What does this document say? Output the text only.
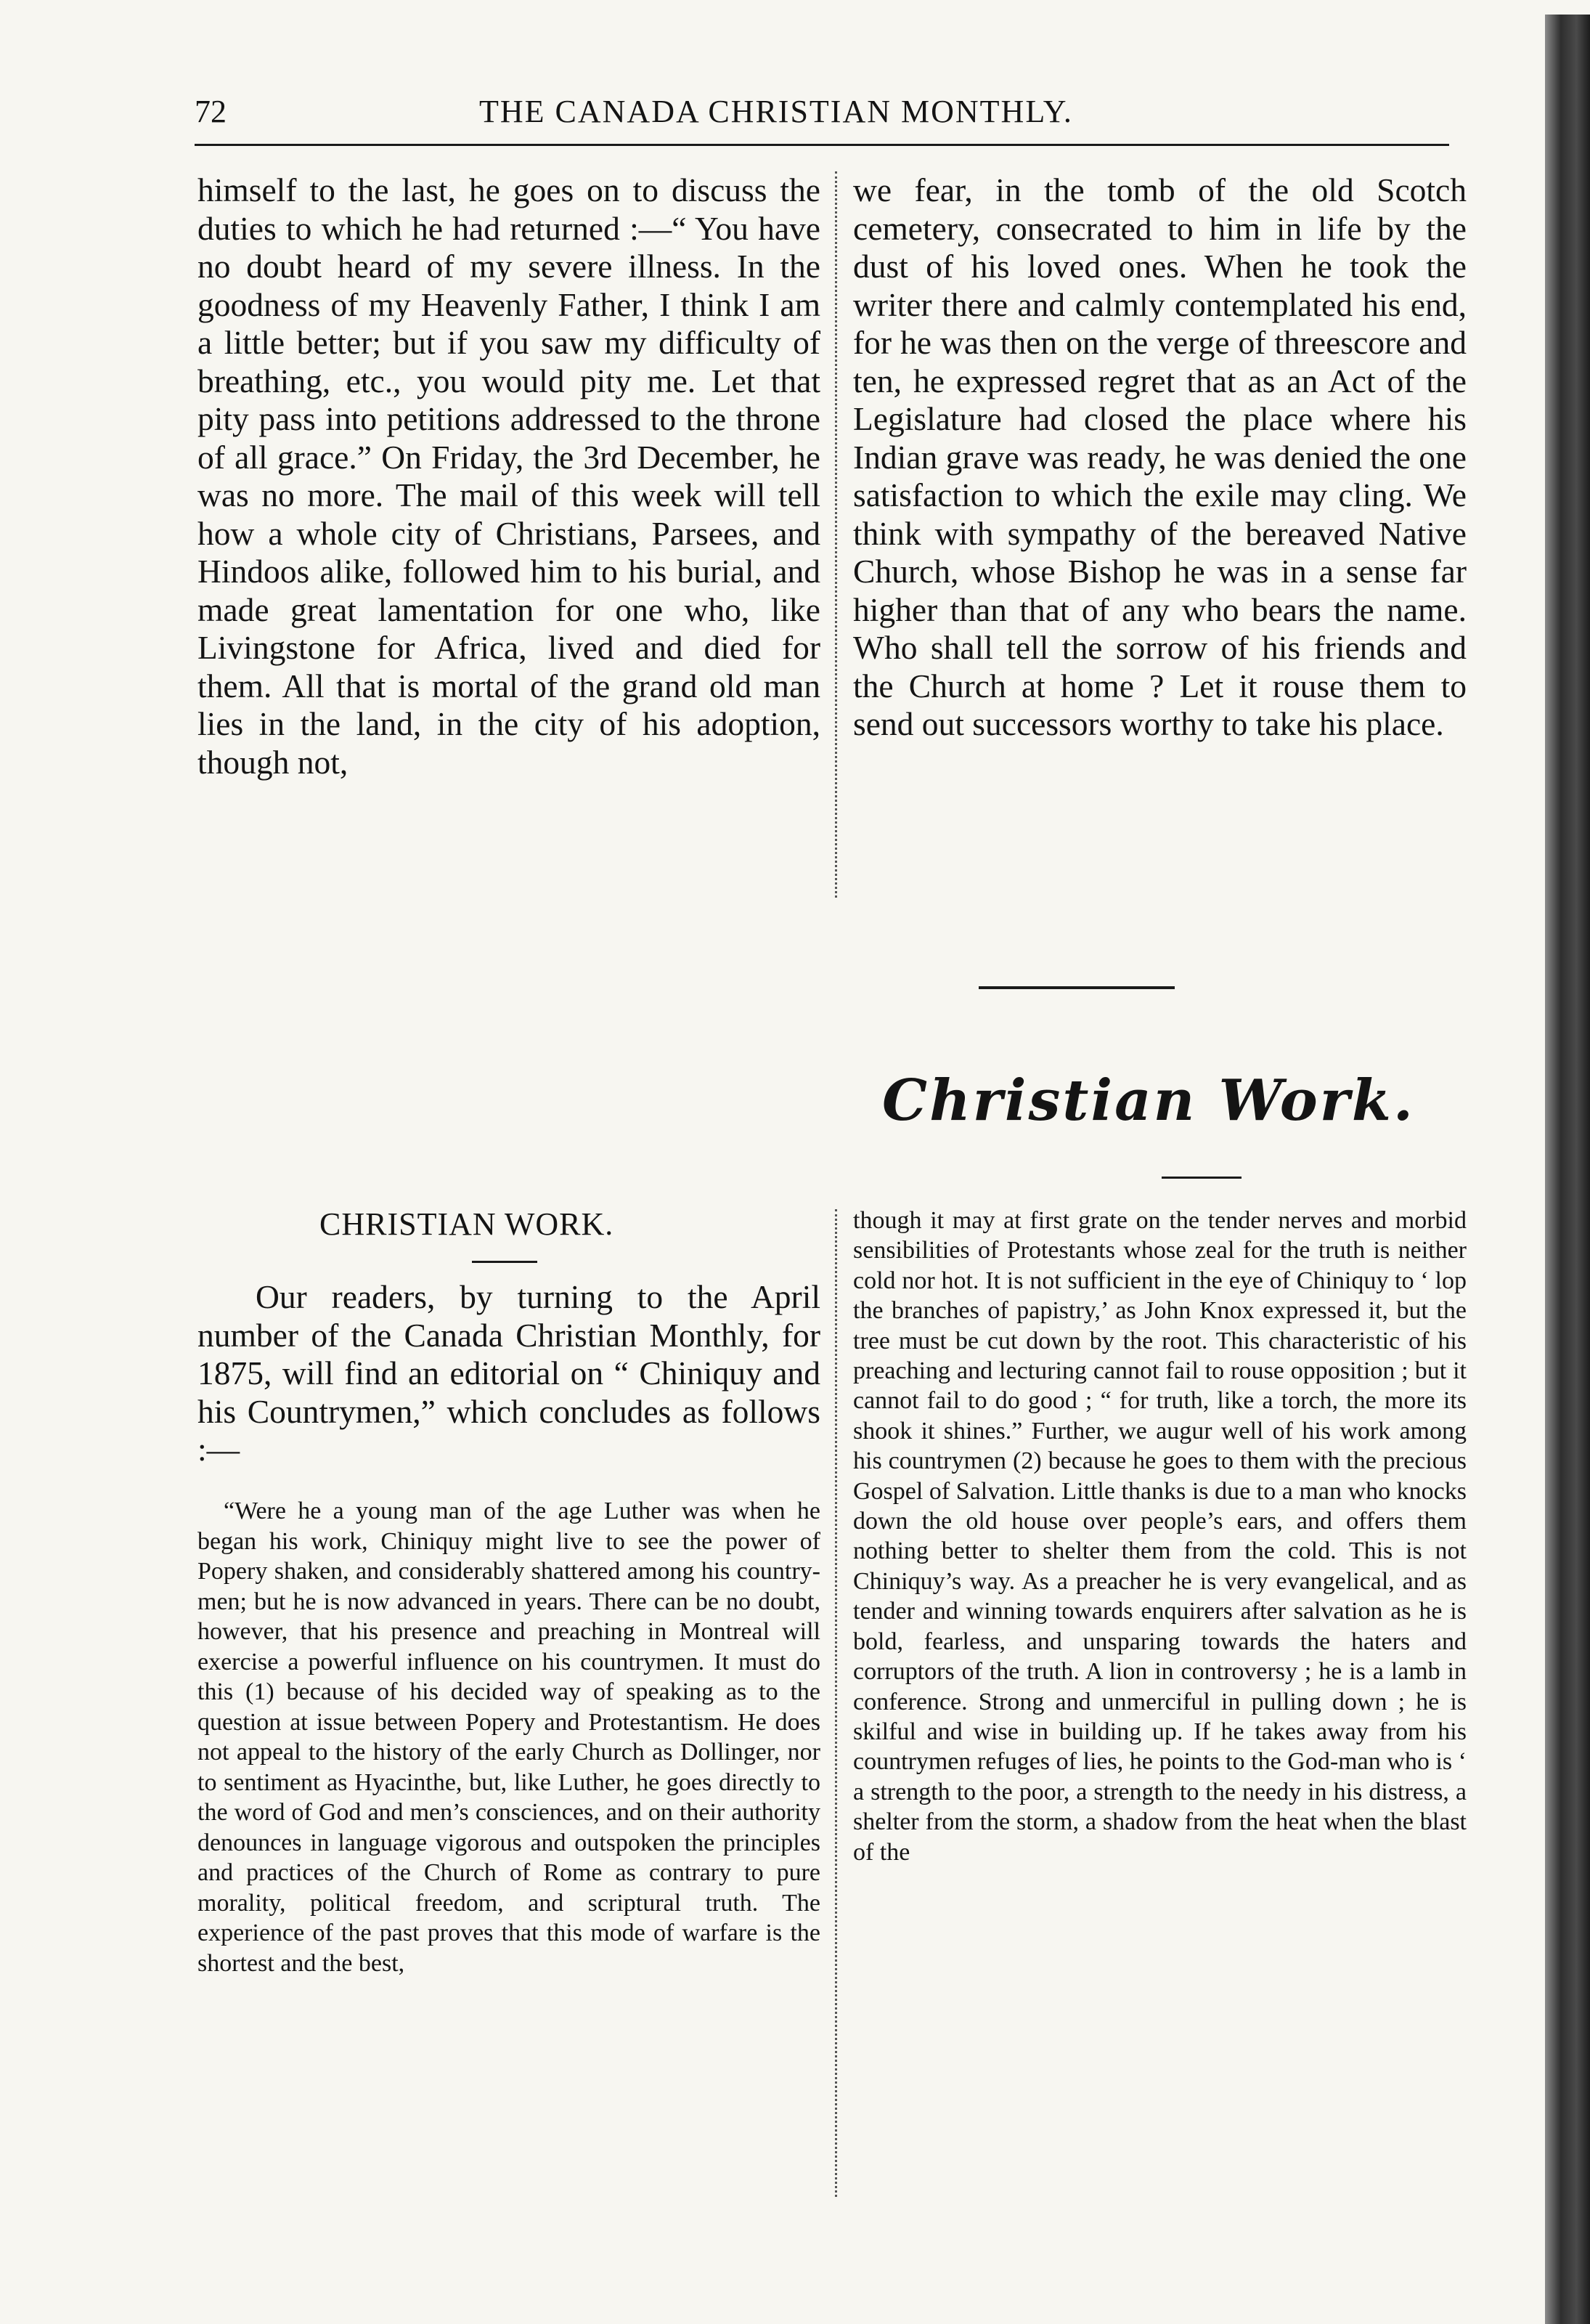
72	THE CANADA CHRISTIAN MONTHLY.
himself to the last, he goes on to discuss the duties to which he had returned :—“ You have no doubt heard of my severe illness. In the goodness of my Heavenly Father, I think I am a little better; but if you saw my difficulty of breathing, etc., you would pity me. Let that pity pass into petitions addressed to the throne of all grace.” On Friday, the 3rd December, he was no more. The mail of this week will tell how a whole city of Christians, Parsees, and Hindoos alike, followed him to his burial, and made great lamentation for one who, like Livingstone for Africa, lived and died for them. All that is mortal of the grand old man lies in the land, in the city of his adoption, though not,
we fear, in the tomb of the old Scotch cemetery, consecrated to him in life by the dust of his loved ones. When he took the writer there and calmly contemplated his end, for he was then on the verge of threescore and ten, he expressed regret that as an Act of the Legislature had closed the place where his Indian grave was ready, he was denied the one satisfaction to which the exile may cling. We think with sympathy of the bereaved Native Church, whose Bishop he was in a sense far higher than that of any who bears the name. Who shall tell the sorrow of his friends and the Church at home ? Let it rouse them to send out successors worthy to take his place.
Christian Work.
CHRISTIAN WORK.
Our readers, by turning to the April number of the Canada Christian Monthly, for 1875, will find an editorial on “ Chiniquy and his Countrymen,” which concludes as follows :—
“Were he a young man of the age Luther was when he began his work, Chiniquy might live to see the power of Popery shaken, and considerably shattered among his countrymen; but he is now advanced in years. There can be no doubt, however, that his presence and preaching in Montreal will exercise a powerful influence on his countrymen. It must do this (1) because of his decided way of speaking as to the question at issue between Popery and Protestantism. He does not appeal to the history of the early Church as Dollinger, nor to sentiment as Hyacinthe, but, like Luther, he goes directly to the word of God and men’s consciences, and on their authority denounces in language vigorous and outspoken the principles and practices of the Church of Rome as contrary to pure morality, political freedom, and scriptural truth. The experience of the past proves that this mode of warfare is the shortest and the best,
though it may at first grate on the tender nerves and morbid sensibilities of Protestants whose zeal for the truth is neither cold nor hot. It is not sufficient in the eye of Chiniquy to ‘ lop the branches of papistry,’ as John Knox expressed it, but the tree must be cut down by the root. This characteristic of his preaching and lecturing cannot fail to rouse opposition ; but it cannot fail to do good ; “ for truth, like a torch, the more its shook it shines.” Further, we augur well of his work among his countrymen (2) because he goes to them with the precious Gospel of Salvation. Little thanks is due to a man who knocks down the old house over people’s ears, and offers them nothing better to shelter them from the cold. This is not Chiniquy’s way. As a preacher he is very evangelical, and as tender and winning towards enquirers after salvation as he is bold, fearless, and unsparing towards the haters and corruptors of the truth. A lion in controversy ; he is a lamb in conference. Strong and unmerciful in pulling down ; he is skilful and wise in building up. If he takes away from his countrymen refuges of lies, he points to the God-man who is ‘ a strength to the poor, a strength to the needy in his distress, a shelter from the storm, a shadow from the heat when the blast of the
